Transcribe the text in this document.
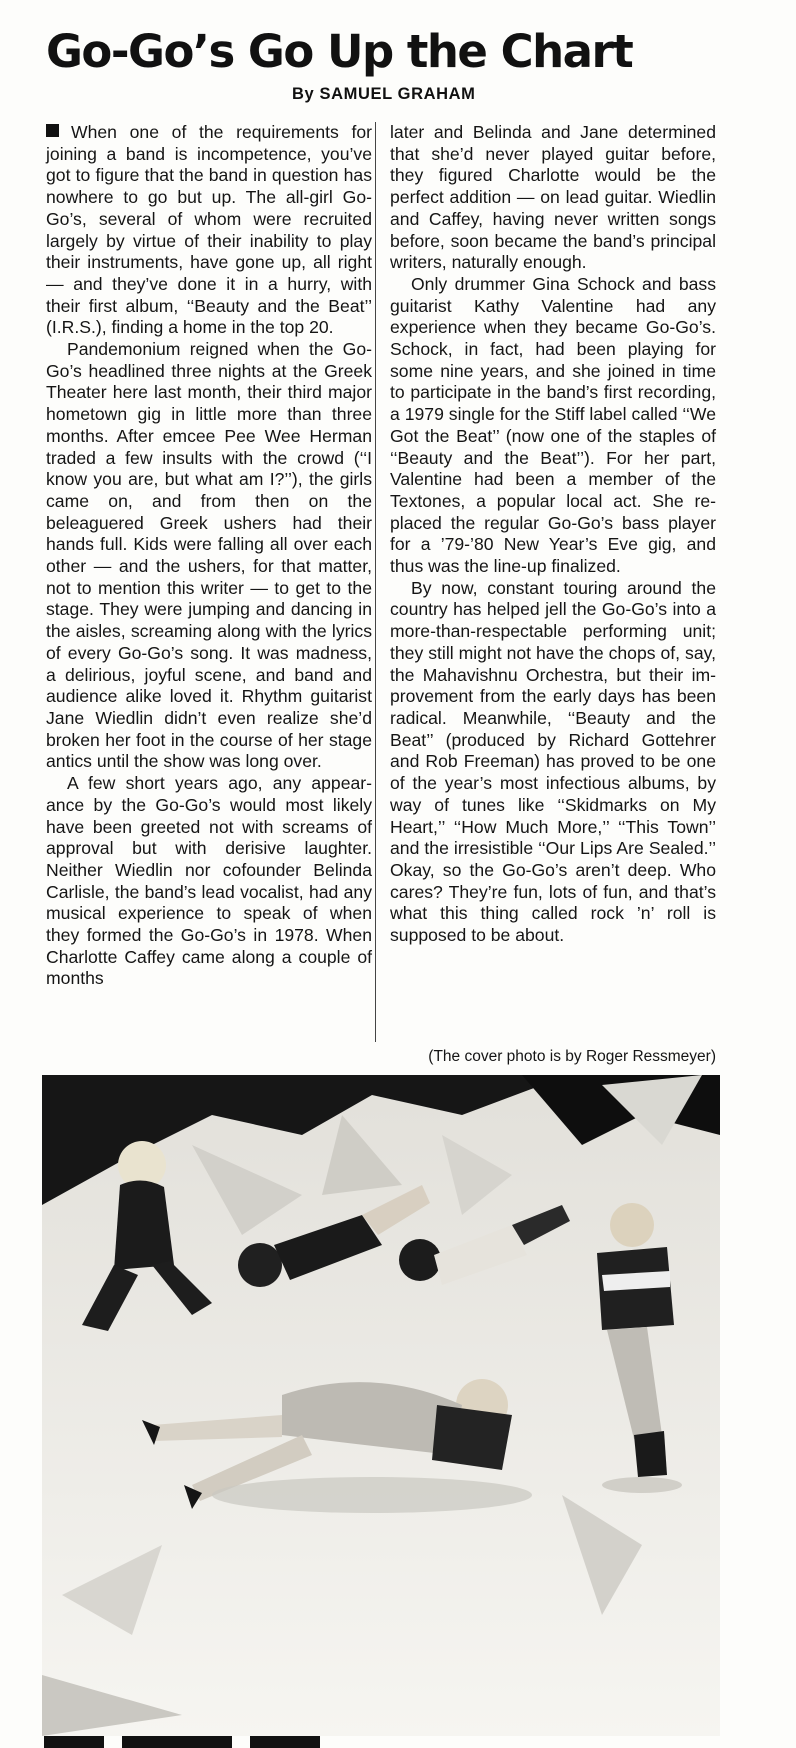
Go-Go’s Go Up the Chart
By SAMUEL GRAHAM

When one of the requirements for joining a band is incompetence, you’ve got to figure that the band in question has nowhere to go but up. The all-girl Go-Go’s, several of whom were recruited largely by virtue of their inability to play their instruments, have gone up, all right — and they’ve done it in a hurry, with their first album, ‘‘Beauty and the Beat’’ (I.R.S.), finding a home in the top 20.

Pandemonium reigned when the Go-Go’s headlined three nights at the Greek Theater here last month, their third major hometown gig in little more than three months. After emcee Pee Wee Herman traded a few insults with the crowd (‘‘I know you are, but what am I?’’), the girls came on, and from then on the beleaguered Greek ushers had their hands full. Kids were falling all over each other — and the ushers, for that matter, not to mention this writer — to get to the stage. They were jumping and dancing in the aisles, screaming along with the lyrics of every Go-Go’s song. It was madness, a delirious, joyful scene, and band and audience alike loved it. Rhythm guitarist Jane Wiedlin didn’t even realize she’d broken her foot in the course of her stage antics until the show was long over.

A few short years ago, any appearance by the Go-Go’s would most likely have been greeted not with screams of approval but with derisive laughter. Neither Wiedlin nor cofounder Belinda Carlisle, the band’s lead vocalist, had any musical experience to speak of when they formed the Go-Go’s in 1978. When Charlotte Caffey came along a couple of months

later and Belinda and Jane determined that she’d never played guitar before, they figured Charlotte would be the perfect addition — on lead guitar. Wiedlin and Caffey, having never written songs before, soon became the band’s principal writers, naturally enough.

Only drummer Gina Schock and bass guitarist Kathy Valentine had any experience when they became Go-Go’s. Schock, in fact, had been playing for some nine years, and she joined in time to participate in the band’s first recording, a 1979 single for the Stiff label called ‘‘We Got the Beat’’ (now one of the staples of ‘‘Beauty and the Beat’’). For her part, Valentine had been a member of the Textones, a popular local act. She replaced the regular Go-Go’s bass player for a ’79-’80 New Year’s Eve gig, and thus was the line-up finalized.

By now, constant touring around the country has helped jell the Go-Go’s into a more-than-respectable performing unit; they still might not have the chops of, say, the Mahavishnu Orchestra, but their improvement from the early days has been radical. Meanwhile, ‘‘Beauty and the Beat’’ (produced by Richard Gottehrer and Rob Freeman) has proved to be one of the year’s most infectious albums, by way of tunes like ‘‘Skidmarks on My Heart,’’ ‘‘How Much More,’’ ‘‘This Town’’ and the irresistible ‘‘Our Lips Are Sealed.’’ Okay, so the Go-Go’s aren’t deep. Who cares? They’re fun, lots of fun, and that’s what this thing called rock ’n’ roll is supposed to be about.

(The cover photo is by Roger Ressmeyer)
